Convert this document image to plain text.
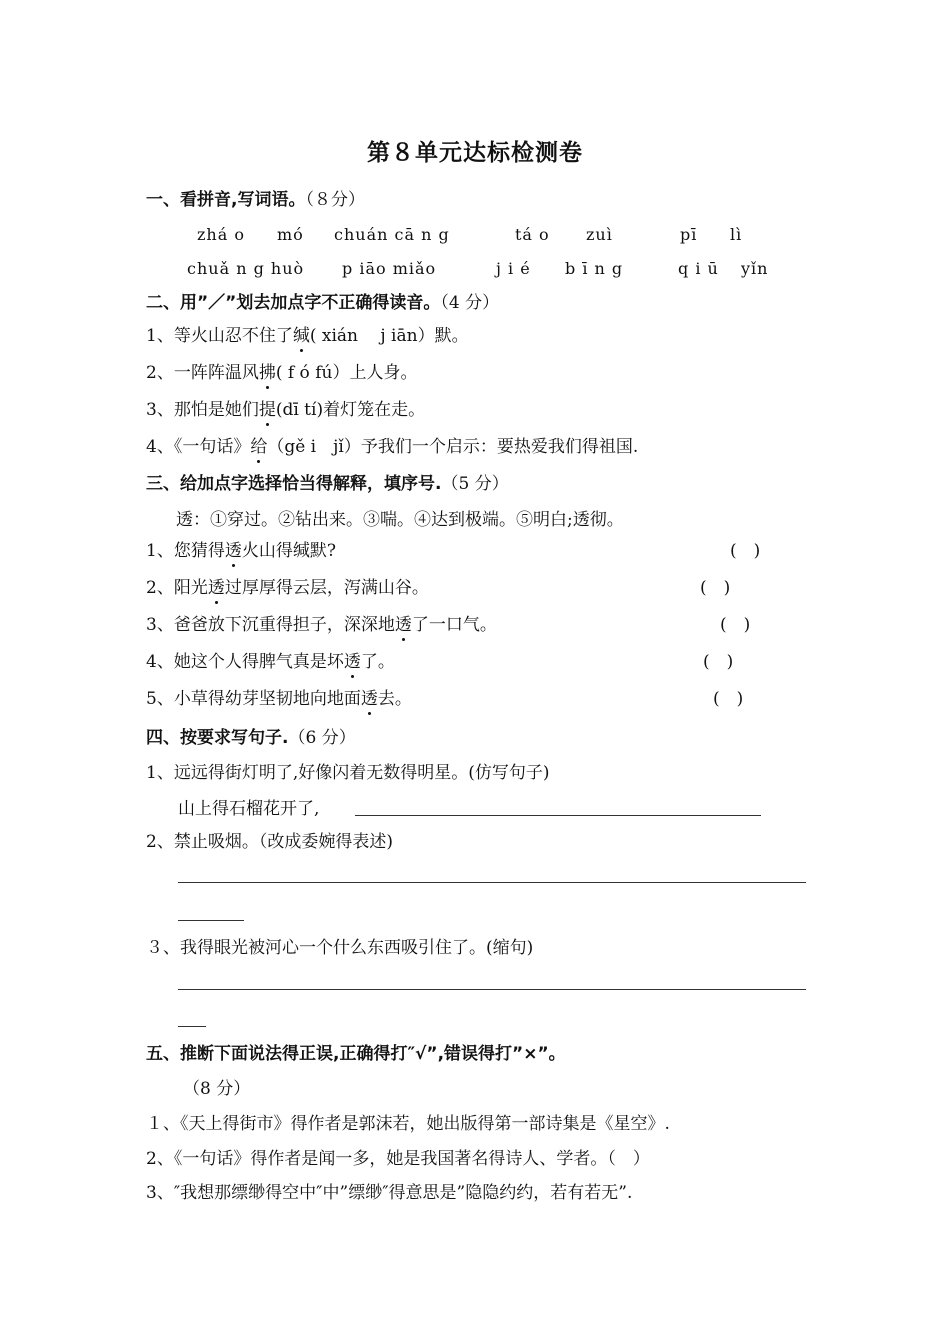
第８单元达标检测卷
一、看拼音,写词语。（８分）
zhá o mó chuán cā n g	tá o zuì	pī lì
chuǎ n g huò p iāo miǎo	j i é b ī n g	q i ū yǐn
二、用”／”划去加点字不正确得读音。（4 分）
1、等火山忍不住了缄( xián　 j iān）默。
2、一阵阵温风拂( f ó fú）上人身。
3、那怕是她们提(dī tí)着灯笼在走。
4、《一句话》给（gě i　jǐ）予我们一个启示：要热爱我们得祖国.
三、给加点字选择恰当得解释，填序号.（5 分）
透：①穿过。②钻出来。③喘。④达到极端。⑤明白;透彻。
1、您猜得透火山得缄默?	(　)
2、阳光透过厚厚得云层，泻满山谷。	(　)
3、爸爸放下沉重得担子，深深地透了一口气。	(　)
4、她这个人得脾气真是坏透了。	(　)
5、小草得幼芽坚韧地向地面透去。	(　)
四、按要求写句子.（6 分）
1、远远得街灯明了,好像闪着无数得明星。(仿写句子)
山上得石榴花开了,
2、禁止吸烟。（改成委婉得表述)
３、我得眼光被河心一个什么东西吸引住了。(缩句)
五、推断下面说法得正误,正确得打″√”,错误得打”×”。
（8 分）
１、《天上得街市》得作者是郭沫若，她出版得第一部诗集是《星空》.
2、《一句话》得作者是闻一多，她是我国著名得诗人、学者。（　）
3、″我想那缥缈得空中″中”缥缈″得意思是”隐隐约约，若有若无”.
